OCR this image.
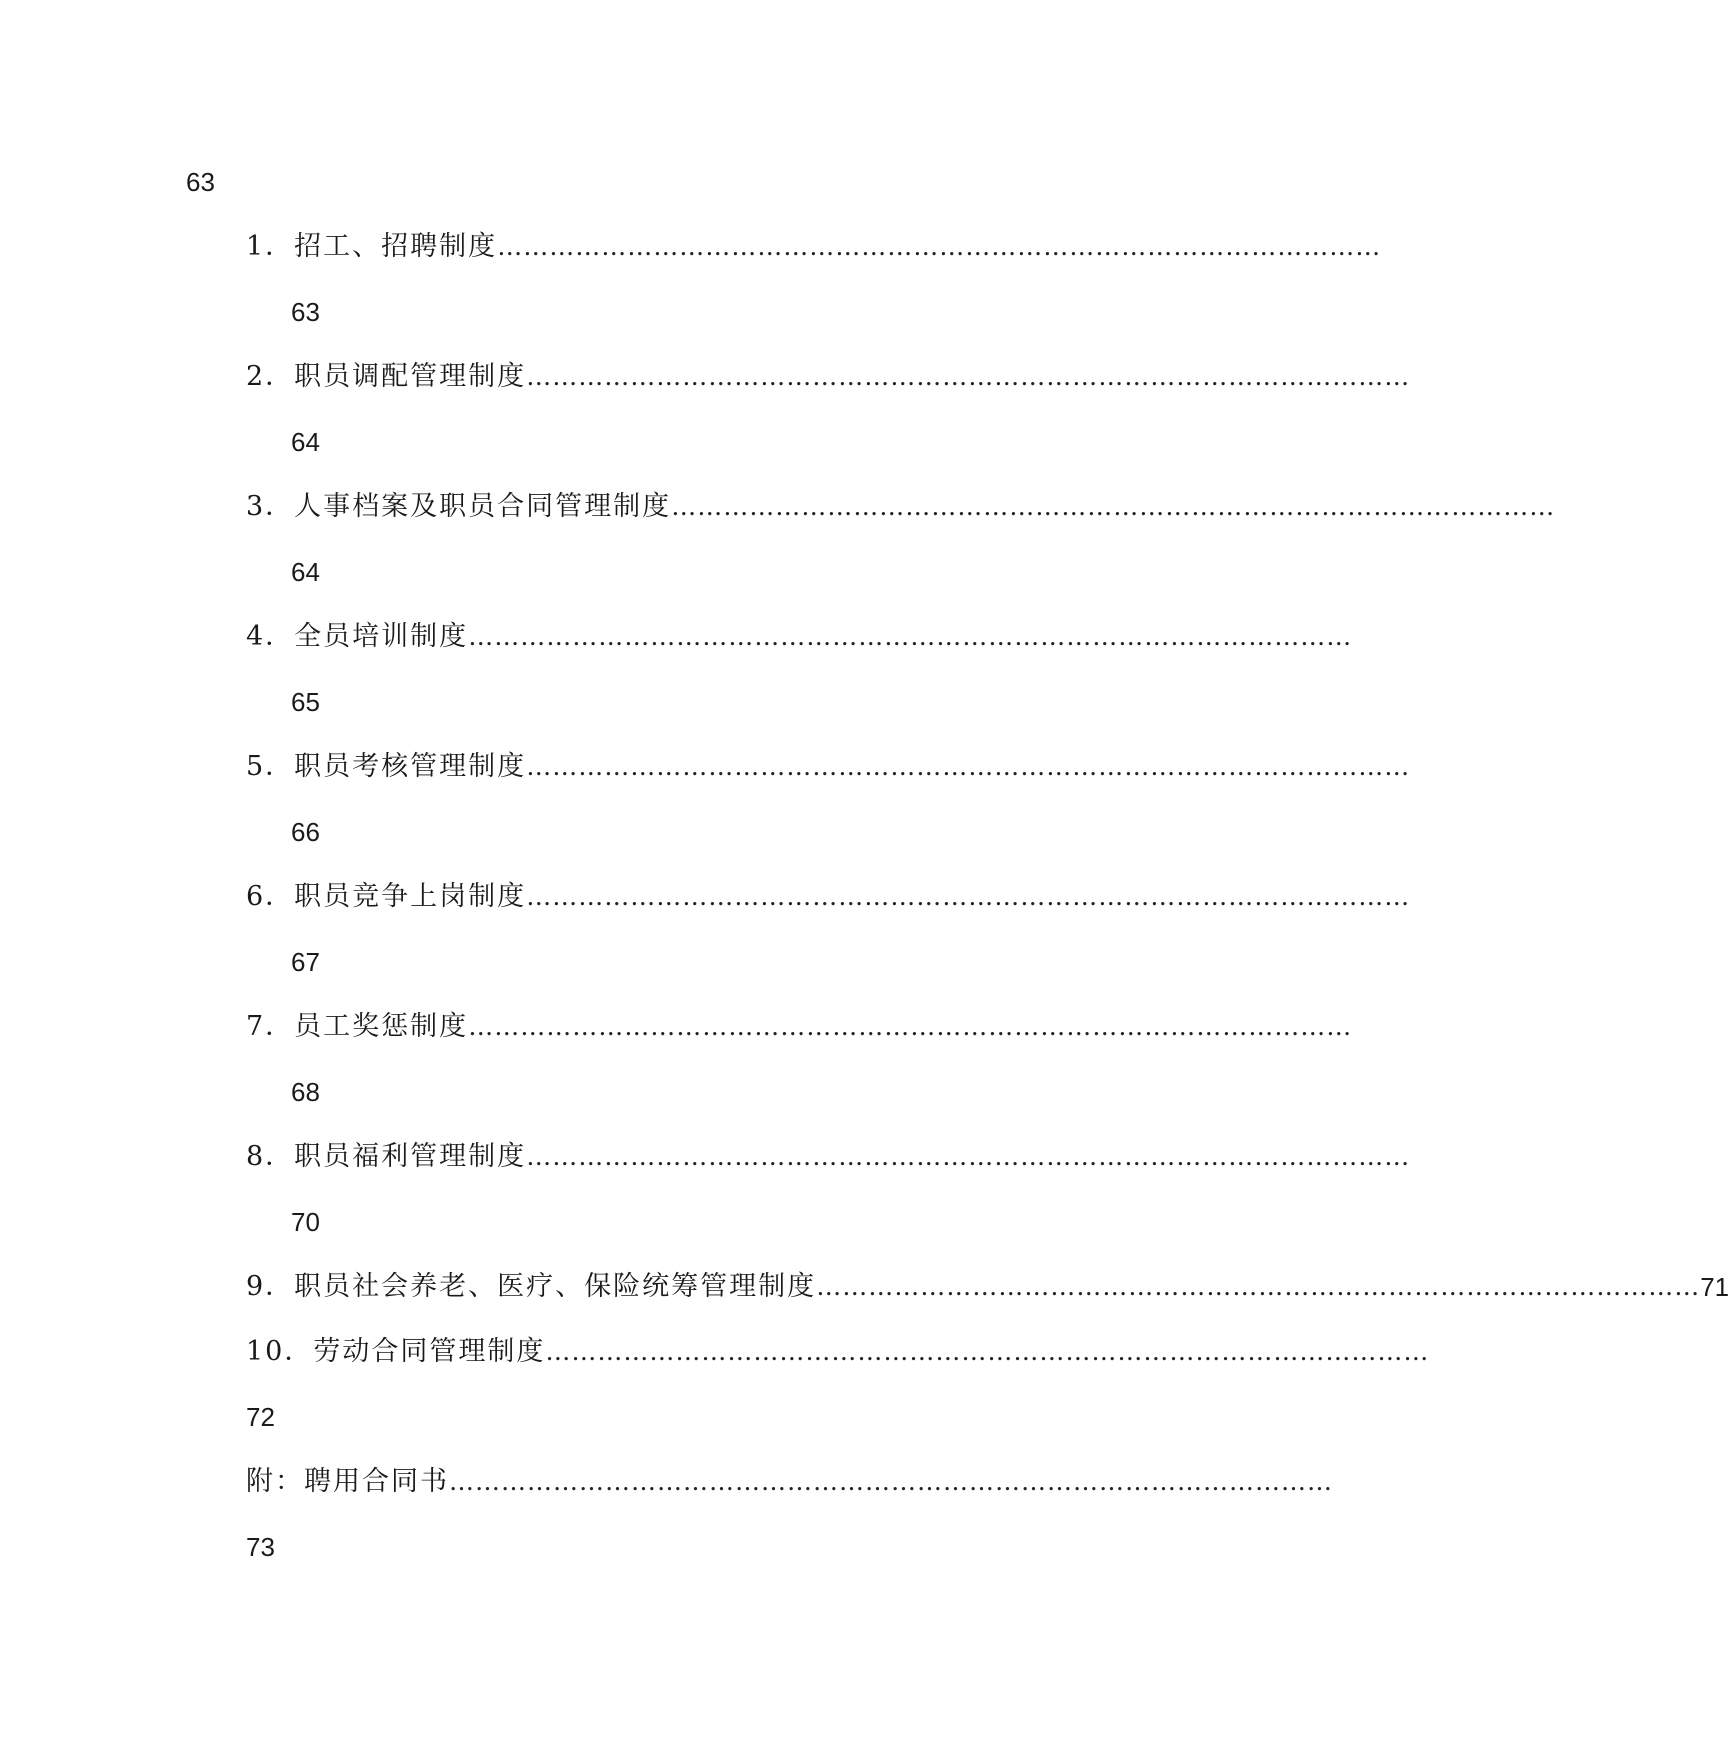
63
1．招工、招聘制度 …………………………………………………………………………………………
63
2．职员调配管理制度 …………………………………………………………………………………………
64
3．人事档案及职员合同管理制度 …………………………………………………………………………………………
64
4．全员培训制度 …………………………………………………………………………………………
65
5．职员考核管理制度 …………………………………………………………………………………………
66
6．职员竞争上岗制度 …………………………………………………………………………………………
67
7．员工奖惩制度 …………………………………………………………………………………………
68
8．职员福利管理制度 …………………………………………………………………………………………
70
9．职员社会养老、医疗、保险统筹管理制度 ………………………………………………………………………………………… 71
10．劳动合同管理制度 …………………………………………………………………………………………
72
附：聘用合同书 …………………………………………………………………………………………
73
